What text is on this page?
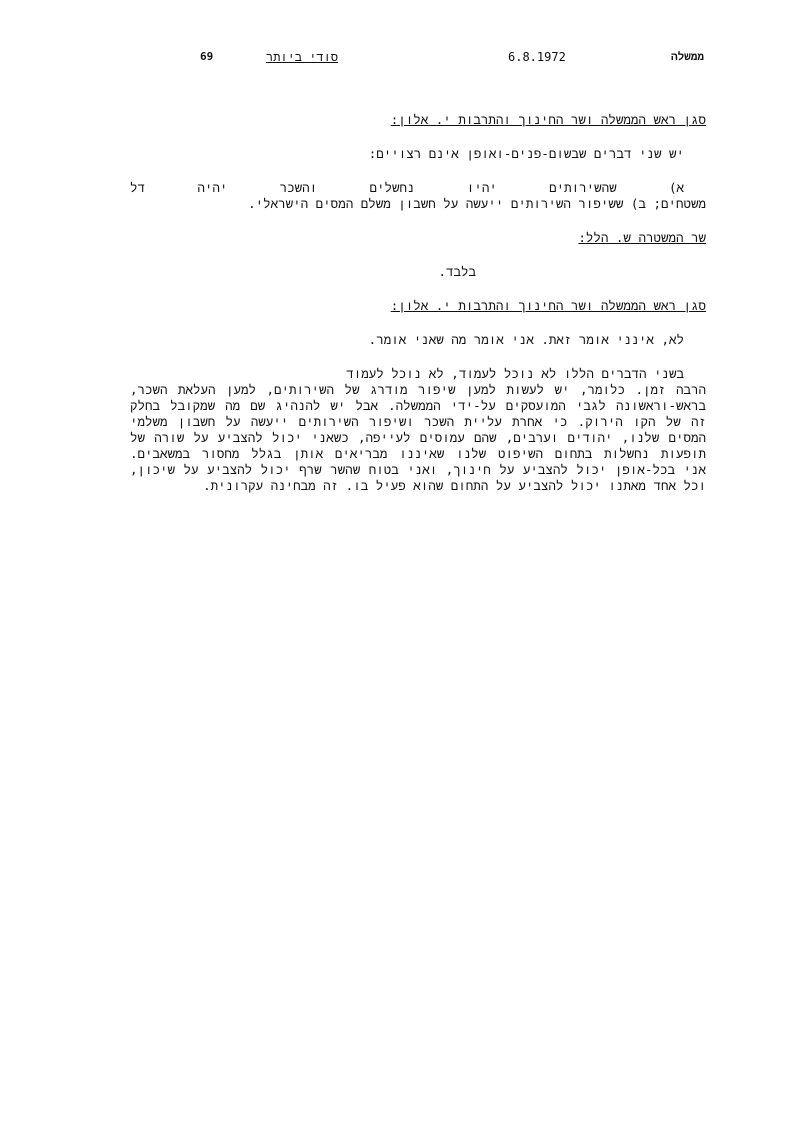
69	סודי ביותר	6.8.1972	ממשלה
סגן ראש הממשלה ושר החינוך והתרבות י. אלון:
יש שני דברים שבשום-פנים-ואופן אינם רצויים:
א) שהשירותים יהיו נחשלים והשכר יהיה דל
משטחים; ב) ששיפור השירותים ייעשה על חשבון משלם המסים הישראלי.
שר המשטרה ש. הלל:
בלבד.
סגן ראש הממשלה ושר החינוך והתרבות י. אלון:
לא, אינני אומר זאת. אני אומר מה שאני אומר.
בשני הדברים הללו לא נוכל לעמוד, לא נוכל לעמוד
הרבה זמן. כלומר, יש לעשות למען שיפור מודרג של השירותים, למען העלאת השכר,
בראש-וראשונה לגבי המועסקים על-ידי הממשלה. אבל יש להנהיג שם מה שמקובל בחלק
זה של הקו הירוק. כי אחרת עליית השכר ושיפור השירותים ייעשה על חשבון משלמי
המסים שלנו, יהודים וערבים, שהם עמוסים לעייפה, כשאני יכול להצביע על שורה של
תופעות נחשלות בתחום השיפוט שלנו שאיננו מבריאים אותן בגלל מחסור במשאבים.
אני בכל-אופן יכול להצביע על חינוך, ואני בטוח שהשר שרף יכול להצביע על שיכון,
וכל אחד מאתנו יכול להצביע על התחום שהוא פעיל בו. זה מבחינה עקרונית.
